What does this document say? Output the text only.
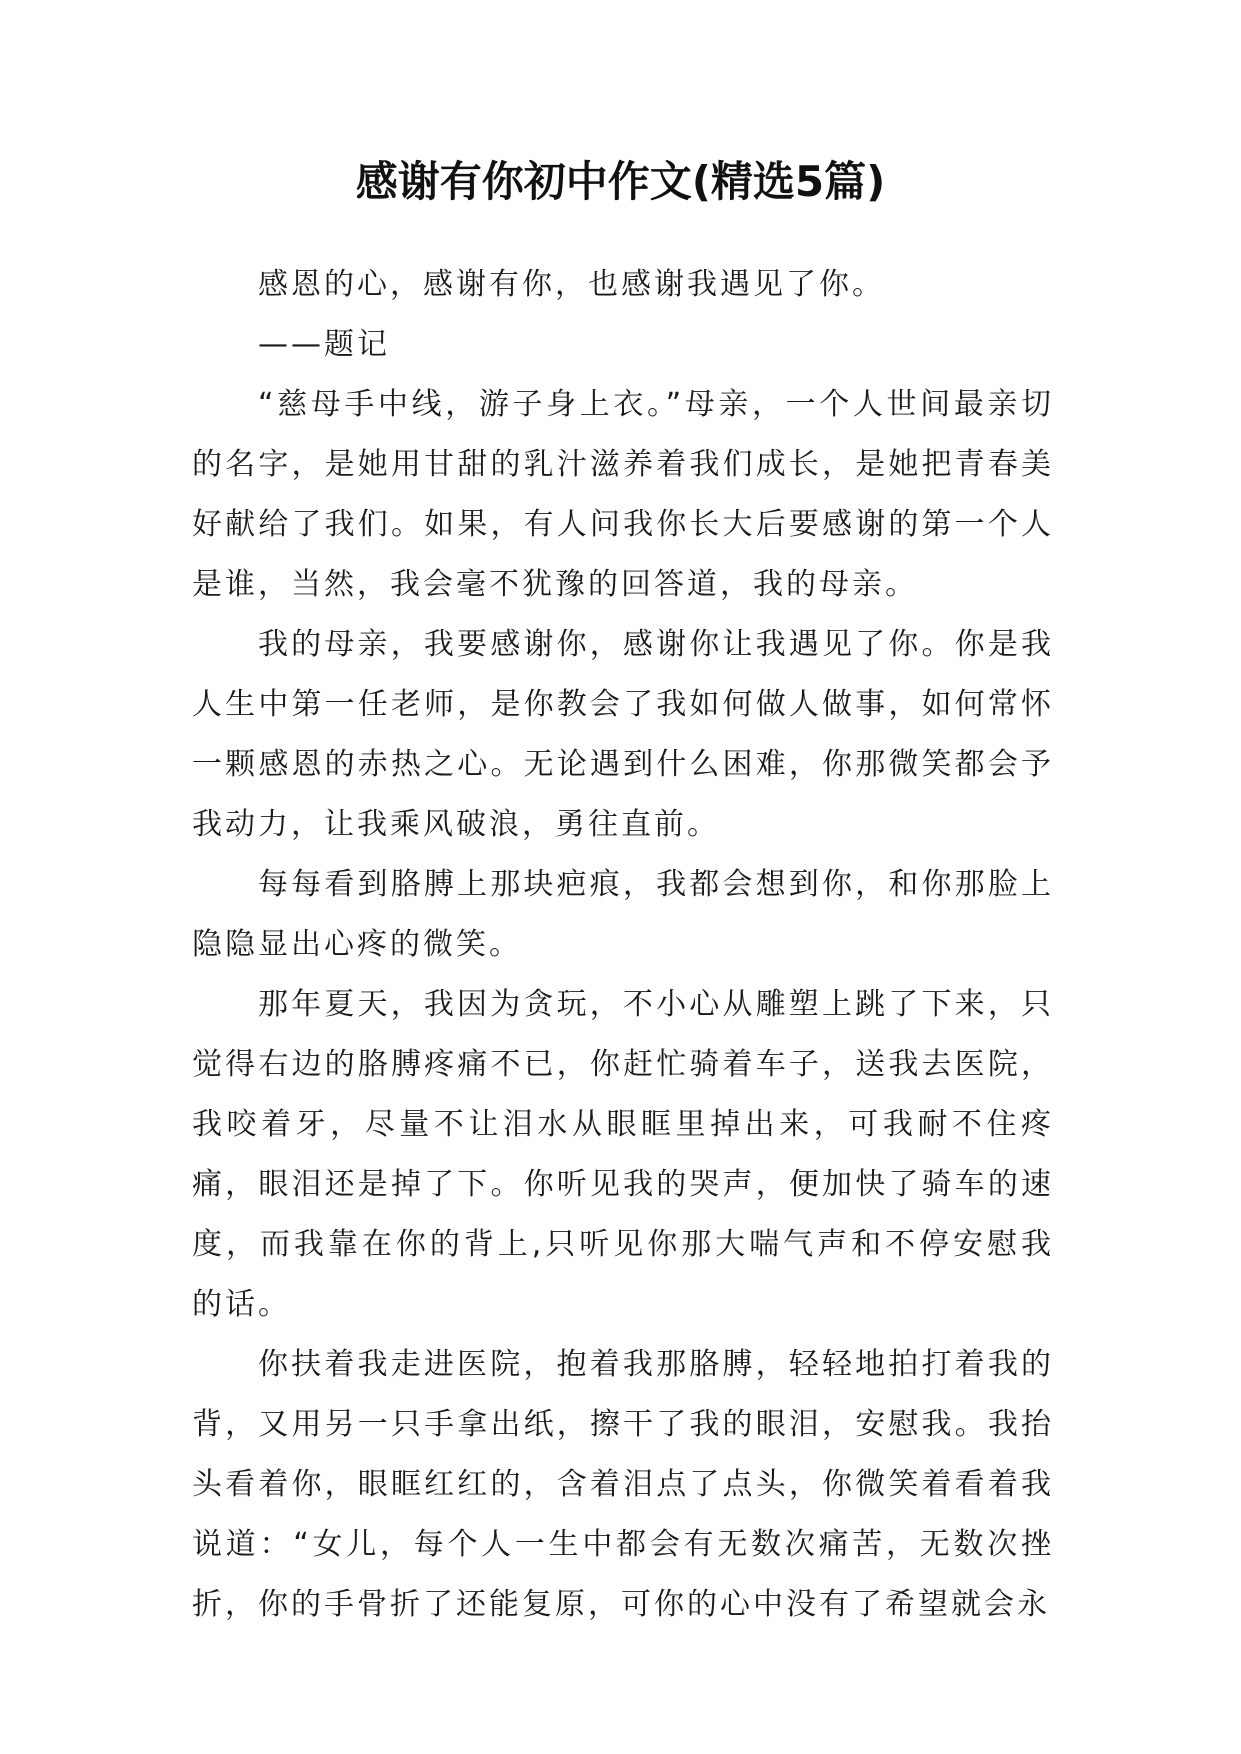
感谢有你初中作文(精选5篇)

感恩的心，感谢有你，也感谢我遇见了你。

——题记

“慈母手中线，游子身上衣。”母亲，一个人世间最亲切的名字，是她用甘甜的乳汁滋养着我们成长，是她把青春美好献给了我们。如果，有人问我你长大后要感谢的第一个人是谁，当然，我会毫不犹豫的回答道，我的母亲。

我的母亲，我要感谢你，感谢你让我遇见了你。你是我人生中第一任老师，是你教会了我如何做人做事，如何常怀一颗感恩的赤热之心。无论遇到什么困难，你那微笑都会予我动力，让我乘风破浪，勇往直前。

每每看到胳膊上那块疤痕，我都会想到你，和你那脸上隐隐显出心疼的微笑。

那年夏天，我因为贪玩，不小心从雕塑上跳了下来，只觉得右边的胳膊疼痛不已，你赶忙骑着车子，送我去医院，我咬着牙，尽量不让泪水从眼眶里掉出来，可我耐不住疼痛，眼泪还是掉了下。你听见我的哭声，便加快了骑车的速度，而我靠在你的背上,只听见你那大喘气声和不停安慰我的话。

你扶着我走进医院，抱着我那胳膊，轻轻地拍打着我的背，又用另一只手拿出纸，擦干了我的眼泪，安慰我。我抬头看着你，眼眶红红的，含着泪点了点头，你微笑着看着我说道：“女儿，每个人一生中都会有无数次痛苦，无数次挫折，你的手骨折了还能复原，可你的心中没有了希望就会永
